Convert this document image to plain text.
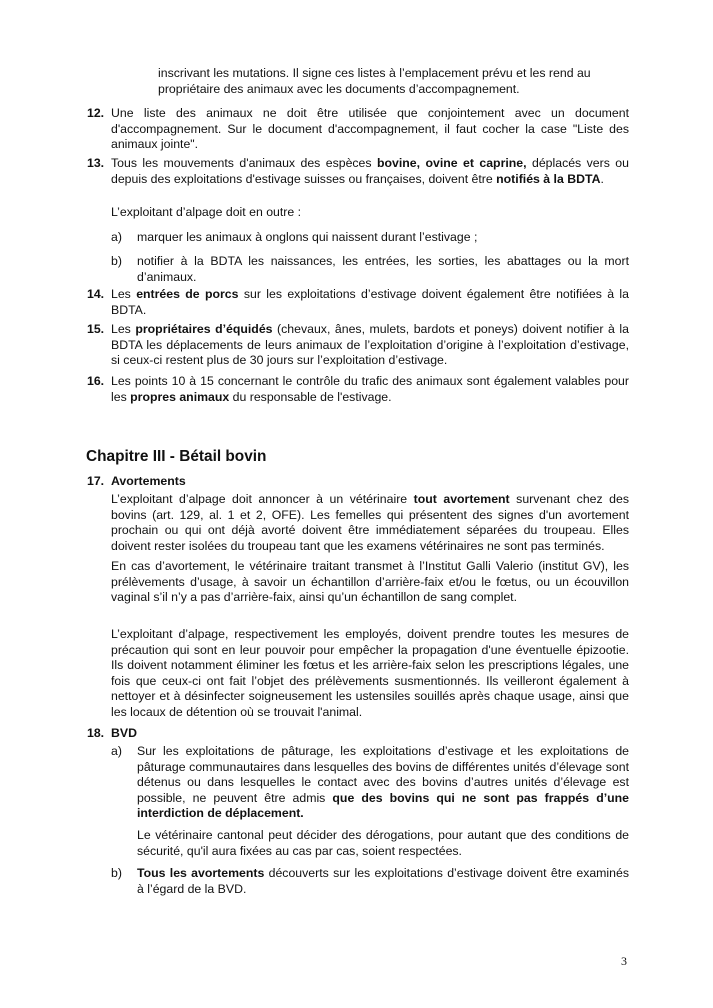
inscrivant les mutations. Il signe ces listes à l’emplacement prévu et les rend au

propriétaire des animaux avec les documents d’accompagnement.

12. Une liste des animaux ne doit être utilisée que conjointement avec un document d'accompagnement. Sur le document d'accompagnement, il faut cocher la case "Liste des animaux jointe".

13. Tous les mouvements d'animaux des espèces bovine, ovine et caprine, déplacés vers ou depuis des exploitations d'estivage suisses ou françaises, doivent être notifiés à la BDTA.

L’exploitant d’alpage doit en outre :

a) marquer les animaux à onglons qui naissent durant l’estivage ;

b) notifier à la BDTA les naissances, les entrées, les sorties, les abattages ou la mort d’animaux.

14. Les entrées de porcs sur les exploitations d’estivage doivent également être notifiées à la BDTA.

15. Les propriétaires d’équidés (chevaux, ânes, mulets, bardots et poneys) doivent notifier à la BDTA les déplacements de leurs animaux de l’exploitation d’origine à l’exploitation d’estivage, si ceux-ci restent plus de 30 jours sur l’exploitation d’estivage.

16. Les points 10 à 15 concernant le contrôle du trafic des animaux sont également valables pour les propres animaux du responsable de l'estivage.

Chapitre III - Bétail bovin

17. Avortements

L’exploitant d’alpage doit annoncer à un vétérinaire tout avortement survenant chez des bovins (art. 129, al. 1 et 2, OFE). Les femelles qui présentent des signes d'un avortement prochain ou qui ont déjà avorté doivent être immédiatement séparées du troupeau. Elles doivent rester isolées du troupeau tant que les examens vétérinaires ne sont pas terminés.

En cas d’avortement, le vétérinaire traitant transmet à l’Institut Galli Valerio (institut GV), les prélèvements d’usage, à savoir un échantillon d’arrière-faix et/ou le fœtus, ou un écouvillon vaginal s’il n’y a pas d’arrière-faix, ainsi qu’un échantillon de sang complet.

L’exploitant d’alpage, respectivement les employés, doivent prendre toutes les mesures de précaution qui sont en leur pouvoir pour empêcher la propagation d'une éventuelle épizootie. Ils doivent notamment éliminer les fœtus et les arrière-faix selon les prescriptions légales, une fois que ceux-ci ont fait l’objet des prélèvements susmentionnés. Ils veilleront également à nettoyer et à désinfecter soigneusement les ustensiles souillés après chaque usage, ainsi que les locaux de détention où se trouvait l'animal.

18. BVD

a) Sur les exploitations de pâturage, les exploitations d’estivage et les exploitations de pâturage communautaires dans lesquelles des bovins de différentes unités d’élevage sont détenus ou dans lesquelles le contact avec des bovins d’autres unités d’élevage est possible, ne peuvent être admis que des bovins qui ne sont pas frappés d’une interdiction de déplacement.

Le vétérinaire cantonal peut décider des dérogations, pour autant que des conditions de sécurité, qu'il aura fixées au cas par cas, soient respectées.

b) Tous les avortements découverts sur les exploitations d’estivage doivent être examinés à l’égard de la BVD.

3
